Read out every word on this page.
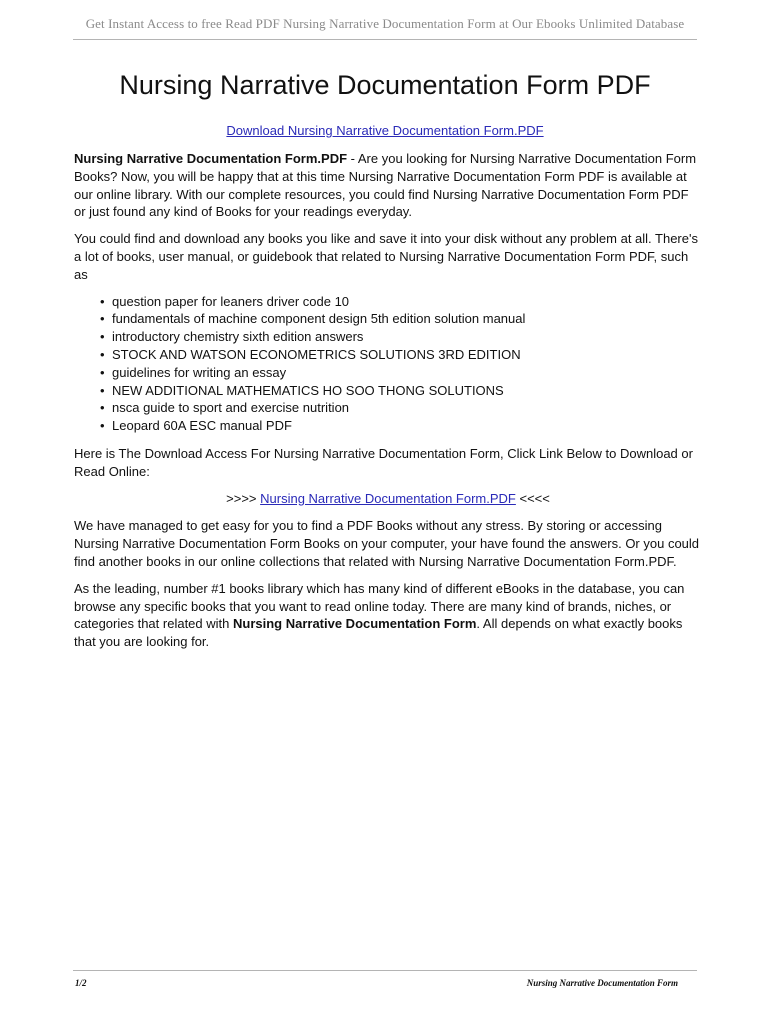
Get Instant Access to free Read PDF Nursing Narrative Documentation Form at Our Ebooks Unlimited Database
Nursing Narrative Documentation Form PDF
Download Nursing Narrative Documentation Form.PDF

Nursing Narrative Documentation Form.PDF - Are you looking for Nursing Narrative Documentation Form Books? Now, you will be happy that at this time Nursing Narrative Documentation Form PDF is available at our online library. With our complete resources, you could find Nursing Narrative Documentation Form PDF or just found any kind of Books for your readings everyday.

You could find and download any books you like and save it into your disk without any problem at all. There's a lot of books, user manual, or guidebook that related to Nursing Narrative Documentation Form PDF, such as

• question paper for leaners driver code 10
• fundamentals of machine component design 5th edition solution manual
• introductory chemistry sixth edition answers
• STOCK AND WATSON ECONOMETRICS SOLUTIONS 3RD EDITION
• guidelines for writing an essay
• NEW ADDITIONAL MATHEMATICS HO SOO THONG SOLUTIONS
• nsca guide to sport and exercise nutrition
• Leopard 60A ESC manual PDF

Here is The Download Access For Nursing Narrative Documentation Form, Click Link Below to Download or Read Online:

>>>> Nursing Narrative Documentation Form.PDF <<<<

We have managed to get easy for you to find a PDF Books without any stress. By storing or accessing Nursing Narrative Documentation Form Books on your computer, your have found the answers. Or you could find another books in our online collections that related with Nursing Narrative Documentation Form.PDF.

As the leading, number #1 books library which has many kind of different eBooks in the database, you can browse any specific books that you want to read online today. There are many kind of brands, niches, or categories that related with Nursing Narrative Documentation Form. All depends on what exactly books that you are looking for.

1/2	Nursing Narrative Documentation Form
